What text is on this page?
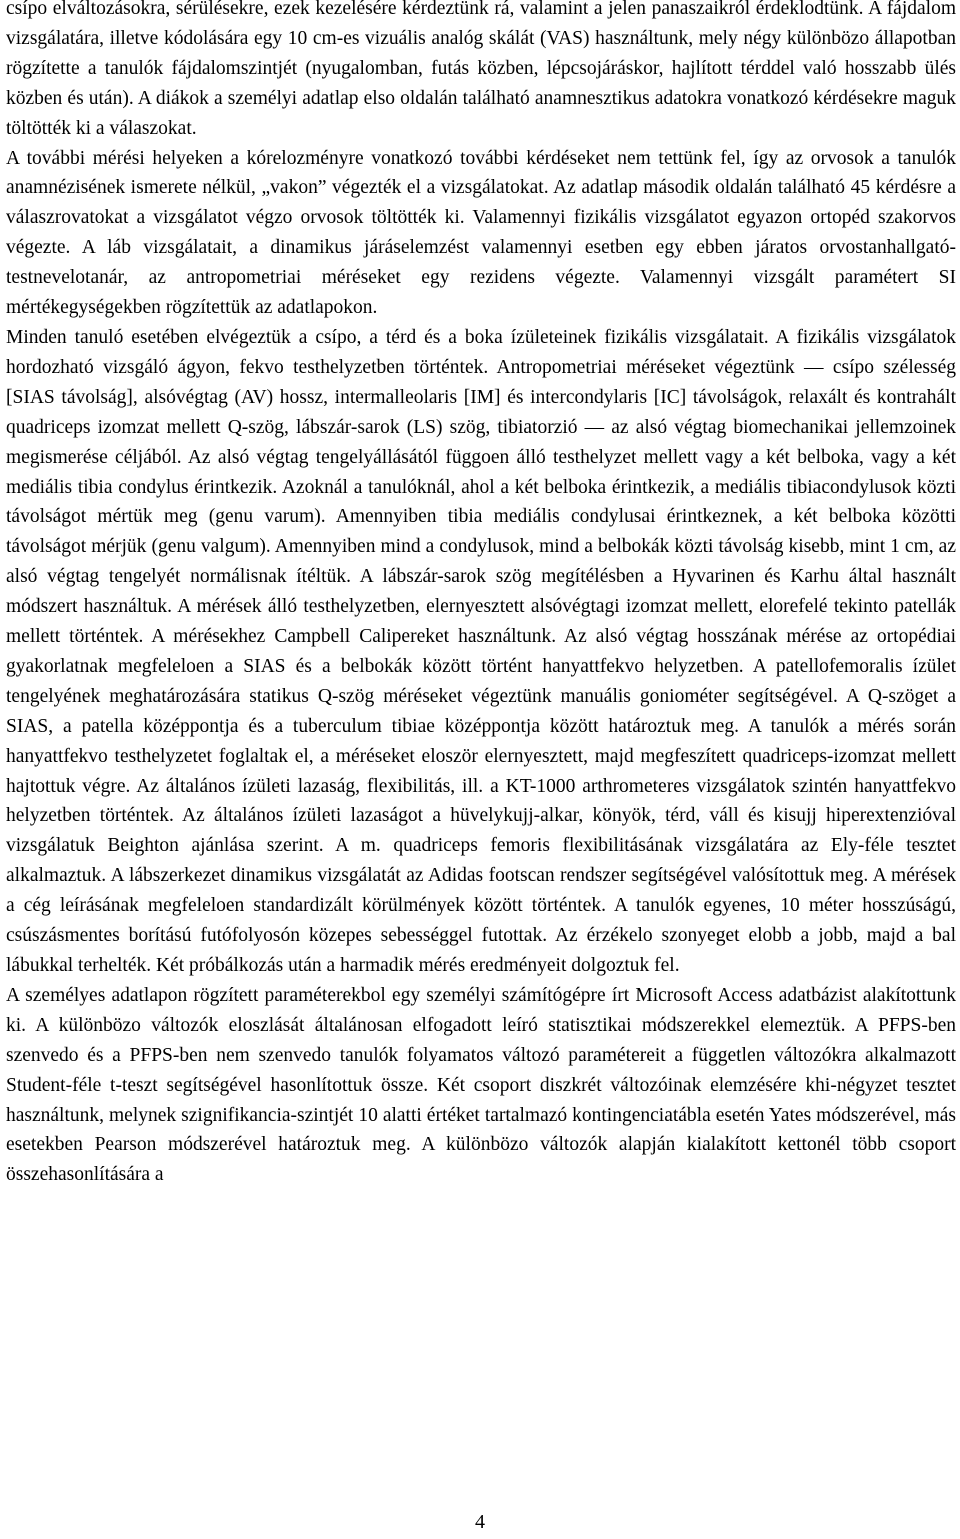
csípo elváltozásokra, sérülésekre, ezek kezelésére kérdeztünk rá, valamint a jelen panaszaikról érdeklodtünk. A fájdalom vizsgálatára, illetve kódolására egy 10 cm-es vizuális analóg skálát (VAS) használtunk, mely négy különbözo állapotban rögzítette a tanulók fájdalomszintjét (nyugalomban, futás közben, lépcsojáráskor, hajlított térddel való hosszabb ülés közben és után). A diákok a személyi adatlap elso oldalán található anamnesztikus adatokra vonatkozó kérdésekre maguk töltötték ki a válaszokat.

A további mérési helyeken a kórelozményre vonatkozó további kérdéseket nem tettünk fel, így az orvosok a tanulók anamnézisének ismerete nélkül, „vakon” végezték el a vizsgálatokat. Az adatlap második oldalán található 45 kérdésre a válaszrovatokat a vizsgálatot végzo orvosok töltötték ki. Valamennyi fizikális vizsgálatot egyazon ortopéd szakorvos végezte. A láb vizsgálatait, a dinamikus járáselemzést valamennyi esetben egy ebben járatos orvostanhallgató-testnevelotanár, az antropometriai méréseket egy rezidens végezte. Valamennyi vizsgált paramétert SI mértékegységekben rögzítettük az adatlapokon.

Minden tanuló esetében elvégeztük a csípo, a térd és a boka ízületeinek fizikális vizsgálatait. A fizikális vizsgálatok hordozható vizsgáló ágyon, fekvo testhelyzetben történtek. Antropometriai méréseket végeztünk — csípo szélesség [SIAS távolság], alsóvégtag (AV) hossz, intermalleolaris [IM] és intercondylaris [IC] távolságok, relaxált és kontrahált quadriceps izomzat mellett Q-szög, lábszár-sarok (LS) szög, tibiatorzió — az alsó végtag biomechanikai jellemzoinek megismerése céljából. Az alsó végtag tengelyállásától függoen álló testhelyzet mellett vagy a két belboka, vagy a két mediális tibia condylus érintkezik. Azoknál a tanulóknál, ahol a két belboka érintkezik, a mediális tibiacondylusok közti távolságot mértük meg (genu varum). Amennyiben tibia mediális condylusai érintkeznek, a két belboka közötti távolságot mérjük (genu valgum). Amennyiben mind a condylusok, mind a belbokák közti távolság kisebb, mint 1 cm, az alsó végtag tengelyét normálisnak ítéltük. A lábszár-sarok szög megítélésben a Hyvarinen és Karhu által használt módszert használtuk. A mérések álló testhelyzetben, elernyesztett alsóvégtagi izomzat mellett, elorefelé tekinto patellák mellett történtek. A mérésekhez Campbell Calipereket használtunk. Az alsó végtag hosszának mérése az ortopédiai gyakorlatnak megfeleloen a SIAS és a belbokák között történt hanyattfekvo helyzetben. A patellofemoralis ízület tengelyének meghatározására statikus Q-szög méréseket végeztünk manuális goniométer segítségével. A Q-szöget a SIAS, a patella középpontja és a tuberculum tibiae középpontja között határoztuk meg. A tanulók a mérés során hanyattfekvo testhelyzetet foglaltak el, a méréseket eloször elernyesztett, majd megfeszített quadriceps-izomzat mellett hajtottuk végre. Az általános ízületi lazaság, flexibilitás, ill. a KT-1000 arthrometeres vizsgálatok szintén hanyattfekvo helyzetben történtek. Az általános ízületi lazaságot a hüvelykujj-alkar, könyök, térd, váll és kisujj hiperextenzióval vizsgálatuk Beighton ajánlása szerint. A m. quadriceps femoris flexibilitásának vizsgálatára az Ely-féle tesztet alkalmaztuk. A lábszerkezet dinamikus vizsgálatát az Adidas footscan rendszer segítségével valósítottuk meg. A mérések a cég leírásának megfeleloen standardizált körülmények között történtek. A tanulók egyenes, 10 méter hosszúságú, csúszásmentes borítású futófolyosón közepes sebességgel futottak. Az érzékelo szonyeget elobb a jobb, majd a bal lábukkal terhelték. Két próbálkozás után a harmadik mérés eredményeit dolgoztuk fel.

A személyes adatlapon rögzített paraméterekbol egy személyi számítógépre írt Microsoft Access adatbázist alakítottunk ki. A különbözo változók eloszlását általánosan elfogadott leíró statisztikai módszerekkel elemeztük. A PFPS-ben szenvedo és a PFPS-ben nem szenvedo tanulók folyamatos változó paramétereit a független változókra alkalmazott Student-féle t-teszt segítségével hasonlítottuk össze. Két csoport diszkrét változóinak elemzésére khi-négyzet tesztet használtunk, melynek szignifikancia-szintjét 10 alatti értéket tartalmazó kontingenciatábla esetén Yates módszerével, más esetekben Pearson módszerével határoztuk meg. A különbözo változók alapján kialakított kettonél több csoport összehasonlítására a

4
